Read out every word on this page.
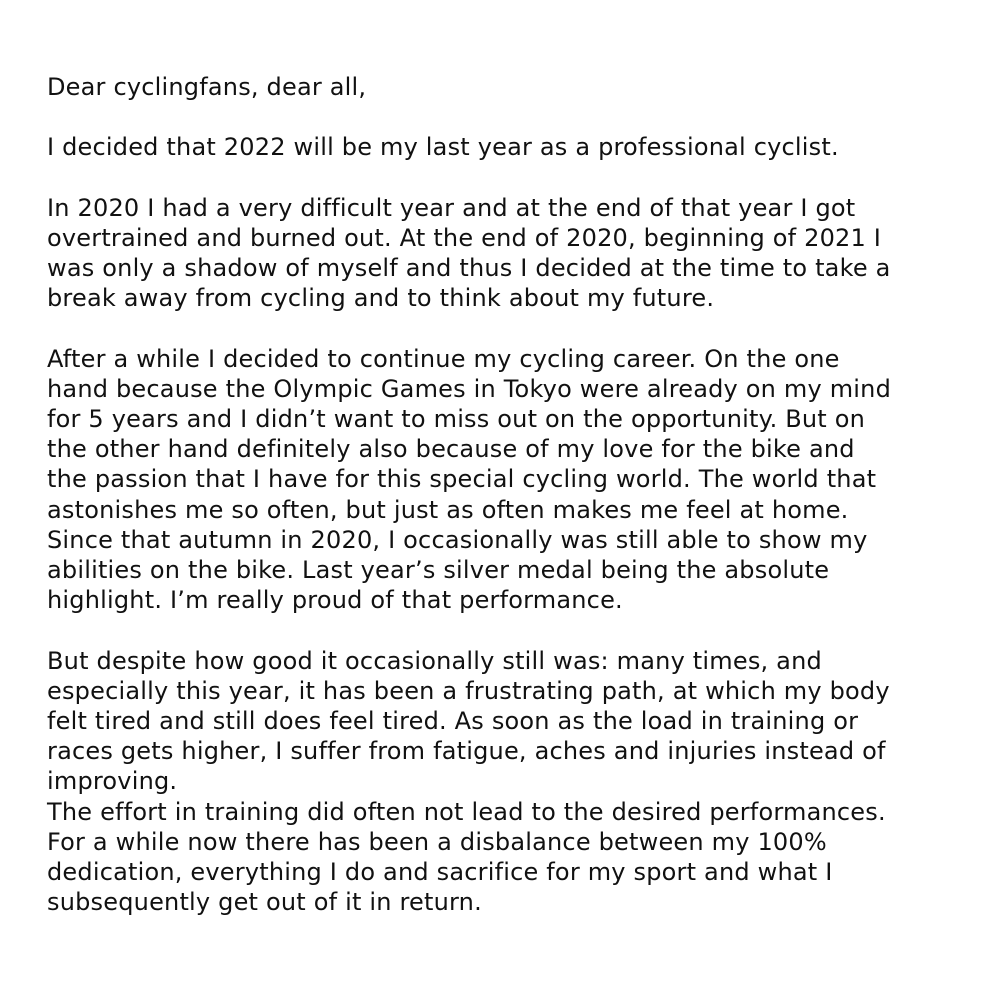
Dear cyclingfans, dear all,
I decided that 2022 will be my last year as a professional cyclist.
In 2020 I had a very difficult year and at the end of that year I got
overtrained and burned out. At the end of 2020, beginning of 2021 I
was only a shadow of myself and thus I decided at the time to take a
break away from cycling and to think about my future.
After a while I decided to continue my cycling career. On the one
hand because the Olympic Games in Tokyo were already on my mind
for 5 years and I didn’t want to miss out on the opportunity. But on
the other hand definitely also because of my love for the bike and
the passion that I have for this special cycling world. The world that
astonishes me so often, but just as often makes me feel at home.
Since that autumn in 2020, I occasionally was still able to show my
abilities on the bike. Last year’s silver medal being the absolute
highlight. I’m really proud of that performance.
But despite how good it occasionally still was: many times, and
especially this year, it has been a frustrating path, at which my body
felt tired and still does feel tired. As soon as the load in training or
races gets higher, I suffer from fatigue, aches and injuries instead of
improving.
The effort in training did often not lead to the desired performances.
For a while now there has been a disbalance between my 100%
dedication, everything I do and sacrifice for my sport and what I
subsequently get out of it in return.
